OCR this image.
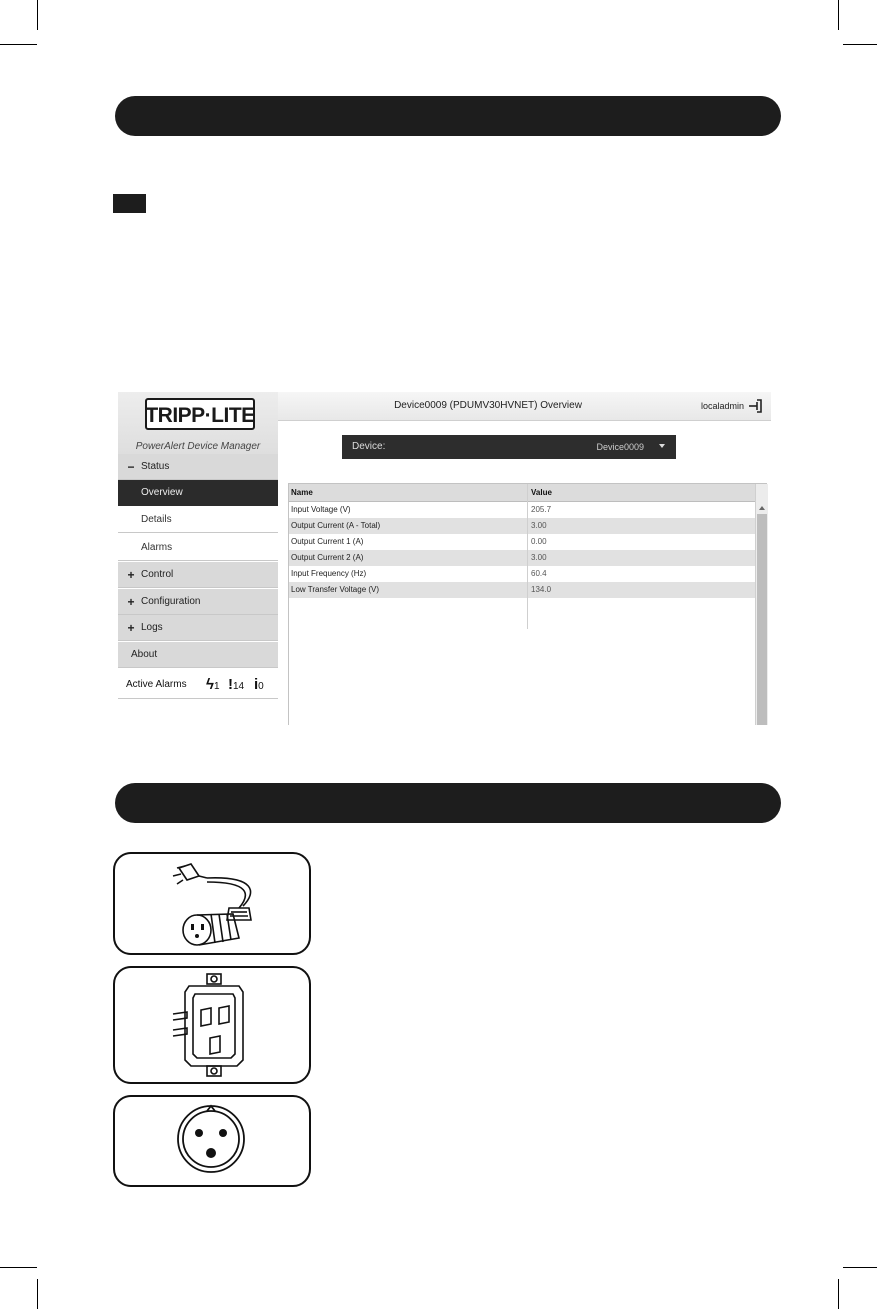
TRIPP·LITE
PowerAlert Device Manager
− Status
Overview
Details
Alarms
+ Control
+ Configuration
+ Logs
About
Active Alarms ϟ1 !14 i0
Device0009 (PDUMV30HVNET) Overview	localadmin
Device:	Device0009
Name	Value
Input Voltage (V)	205.7
Output Current (A - Total)	3.00
Output Current 1 (A)	0.00
Output Current 2 (A)	3.00
Input Frequency (Hz)	60.4
Low Transfer Voltage (V)	134.0
